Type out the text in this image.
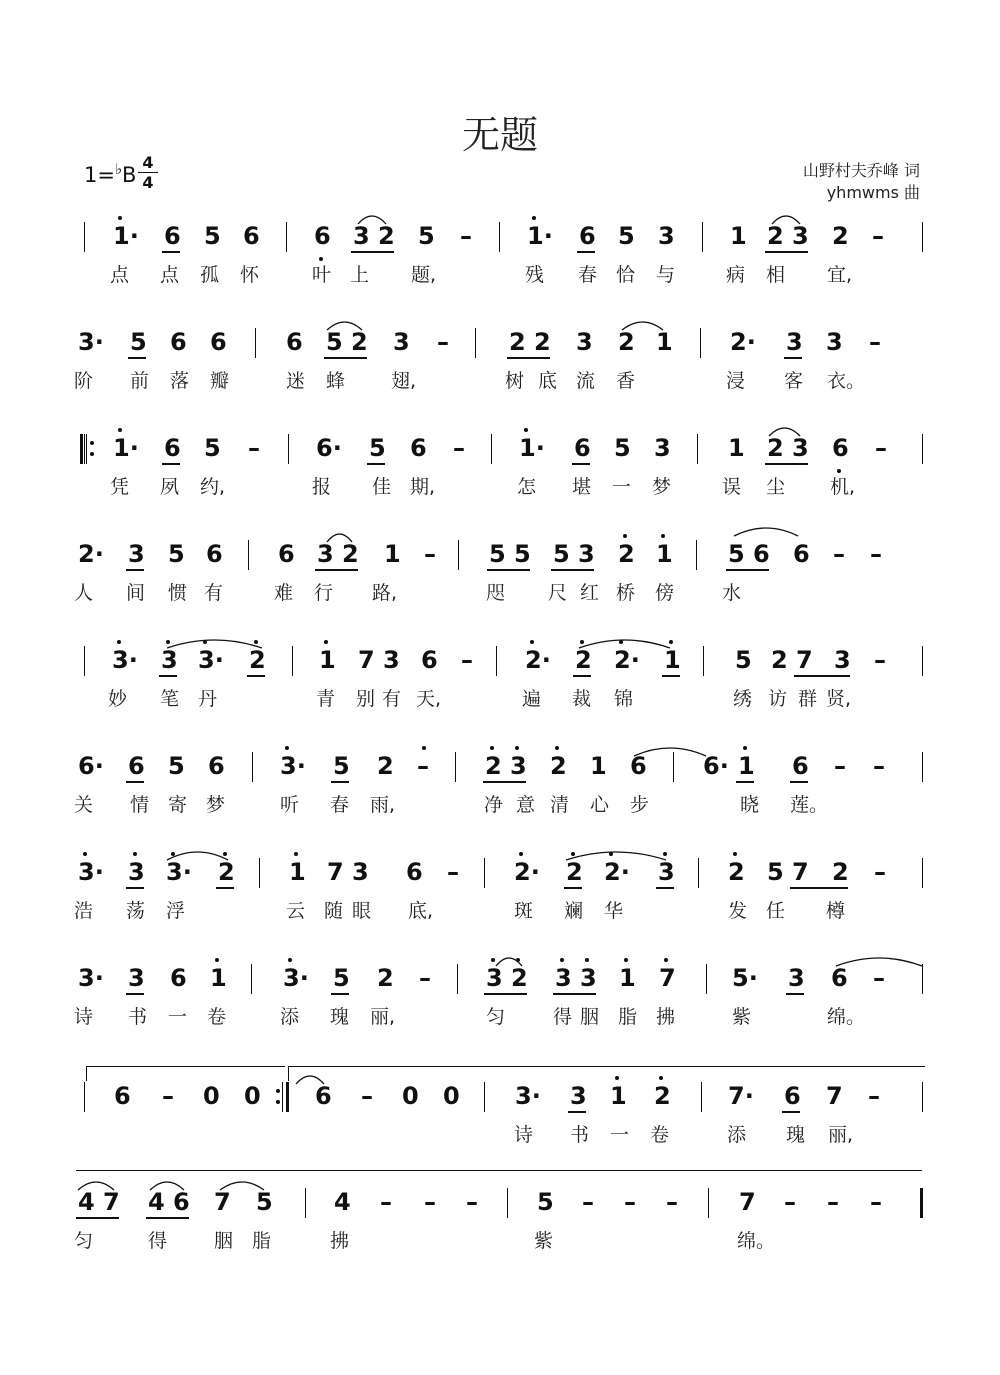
无题
1=♭B
4
4
山野村夫乔峰 词
yhmwms 曲
1· 6 5 6 6 3 2 5 – 1· 6 5 3 1 2 3 2 –
点 点 孤 怀	叶 上 题,	残 春 恰 与	病 相 宜,
3· 5 6 6 6 5 2 3 –	2 2 3 2 1 2· 3 3 –
阶 前 落 瓣	迷 蜂 翅,	树 底 流 香	浸 客 衣。
1· 6 5 – 6· 5 6 – 1· 6 5 3 1 2 3 6 –
凭 夙 约,	报 佳 期,	怎 堪 一 梦	误 尘 机,
2· 3 5 6 6 3 2 1 – 5 5 5 3 2 1 5 6 6 – –
人 间 惯 有	难 行 路,	咫 尺 红 桥 傍	水
3· 3 3· 2 1 7 3 6 – 2· 2 2· 1 5 2 7 3 –
妙 笔 丹	青 别 有 天,	遍 裁 锦	绣 访 群 贤,
6· 6 5 6 3· 5 2 – 2 3 2 1 6 6· 1 6 – –
关 情 寄 梦	听 春 雨,	净 意 清 心 步	晓 莲。
3· 3 3· 2 1 7 3 6 – 2· 2 2· 3 2 5 7 2 –
浩 荡 浮	云 随 眼 底,	斑 斓 华	发 任 樽
3· 3 6 1 3· 5 2 – 3 2 3 3 1 7 5· 3 6 –
诗 书 一 卷	添 瑰 丽,	匀	得 胭 脂 拂	紫	绵。
6 – 0 0 6 – 0 0 3· 3 1 2 7· 6 7 –
诗 书 一 卷	添 瑰 丽,
4 7 4 6 7 5	4 – – – 5 – – –	7 – – –
匀	得 胭 脂	拂	紫	绵。
